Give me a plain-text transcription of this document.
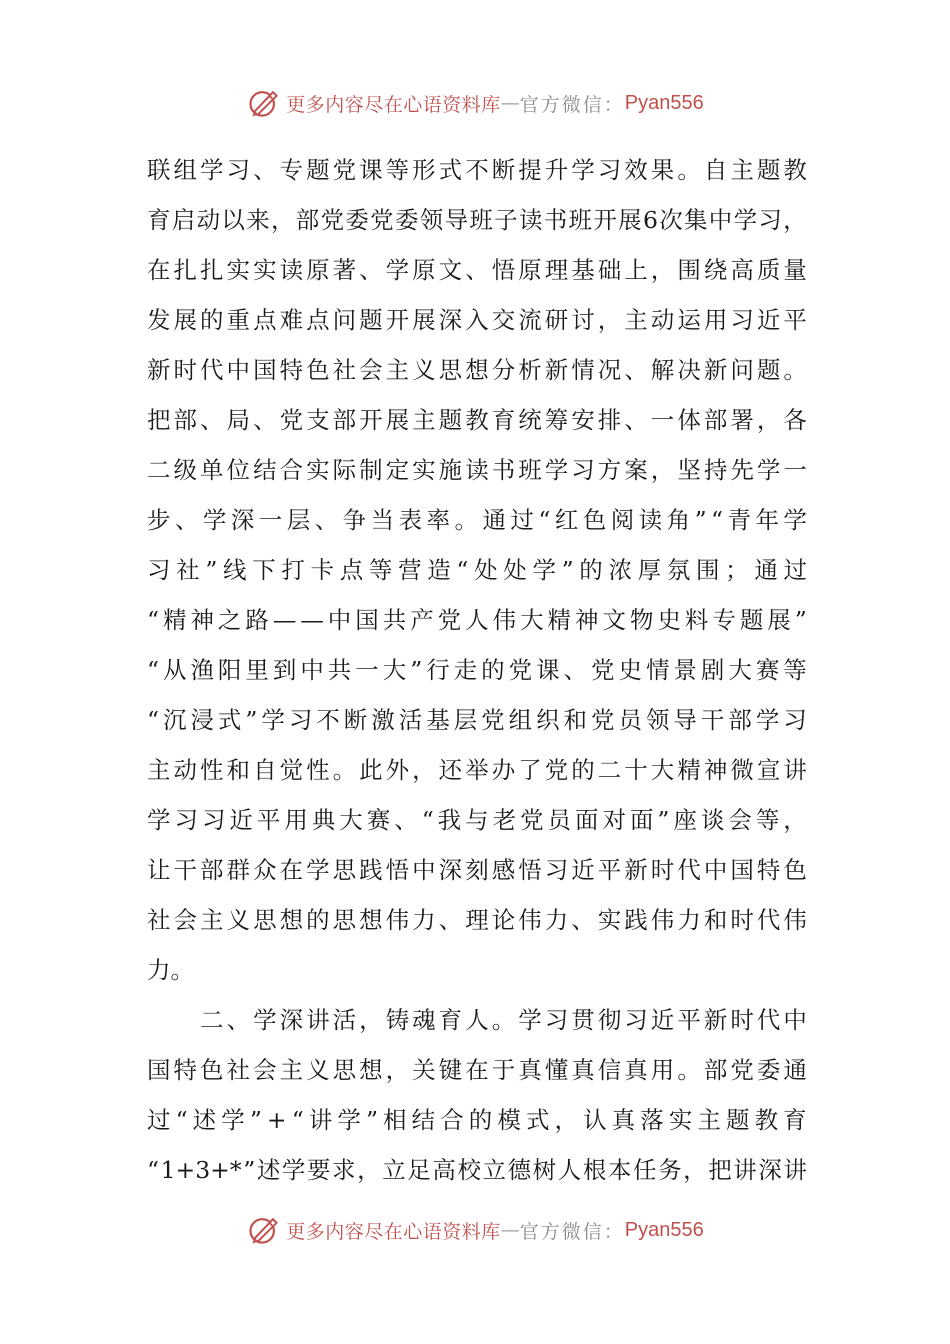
更多内容尽在心语资料库 — 官方微信： Pyan556
联 组 学 习 、 专 题 党 课 等 形 式 不 断 提 升 学 习 效 果 。 自 主 题 教
育 启 动 以 来 ， 部 党 委 党 委 领 导 班 子 读 书 班 开 展 6 次 集 中 学 习 ，
在 扎 扎 实 实 读 原 著 、 学 原 文 、 悟 原 理 基 础 上 ， 围 绕 高 质 量
发 展 的 重 点 难 点 问 题 开 展 深 入 交 流 研 讨 ， 主 动 运 用 习 近 平
新 时 代 中 国 特 色 社 会 主 义 思 想 分 析 新 情 况 、 解 决 新 问 题 。
把 部 、 局 、 党 支 部 开 展 主 题 教 育 统 筹 安 排 、 一 体 部 署 ， 各
二 级 单 位 结 合 实 际 制 定 实 施 读 书 班 学 习 方 案 ， 坚 持 先 学 一
步 、 学 深 一 层 、 争 当 表 率 。 通 过 “ 红 色 阅 读 角 ” “ 青 年 学
习 社 ” 线 下 打 卡 点 等 营 造 “ 处 处 学 ” 的 浓 厚 氛 围 ； 通 过
“ 精 神 之 路 — — 中 国 共 产 党 人 伟 大 精 神 文 物 史 料 专 题 展 ”
“ 从 渔 阳 里 到 中 共 一 大 ” 行 走 的 党 课 、 党 史 情 景 剧 大 赛 等
“ 沉 浸 式 ” 学 习 不 断 激 活 基 层 党 组 织 和 党 员 领 导 干 部 学 习
主 动 性 和 自 觉 性 。 此 外 ， 还 举 办 了 党 的 二 十 大 精 神 微 宣 讲
学 习 习 近 平 用 典 大 赛 、 “ 我 与 老 党 员 面 对 面 ” 座 谈 会 等 ，
让 干 部 群 众 在 学 思 践 悟 中 深 刻 感 悟 习 近 平 新 时 代 中 国 特 色
社 会 主 义 思 想 的 思 想 伟 力 、 理 论 伟 力 、 实 践 伟 力 和 时 代 伟
力。

二 、 学 深 讲 活 ， 铸 魂 育 人 。 学 习 贯 彻 习 近 平 新 时 代 中
国 特 色 社 会 主 义 思 想 ， 关 键 在 于 真 懂 真 信 真 用 。 部 党 委 通
过 “ 述 学 ” + “ 讲 学 ” 相 结 合 的 模 式 ， 认 真 落 实 主 题 教 育
“ 1+3+* ” 述 学 要 求 ， 立 足 高 校 立 德 树 人 根 本 任 务 ， 把 讲 深 讲
更多内容尽在心语资料库 — 官方微信： Pyan556
